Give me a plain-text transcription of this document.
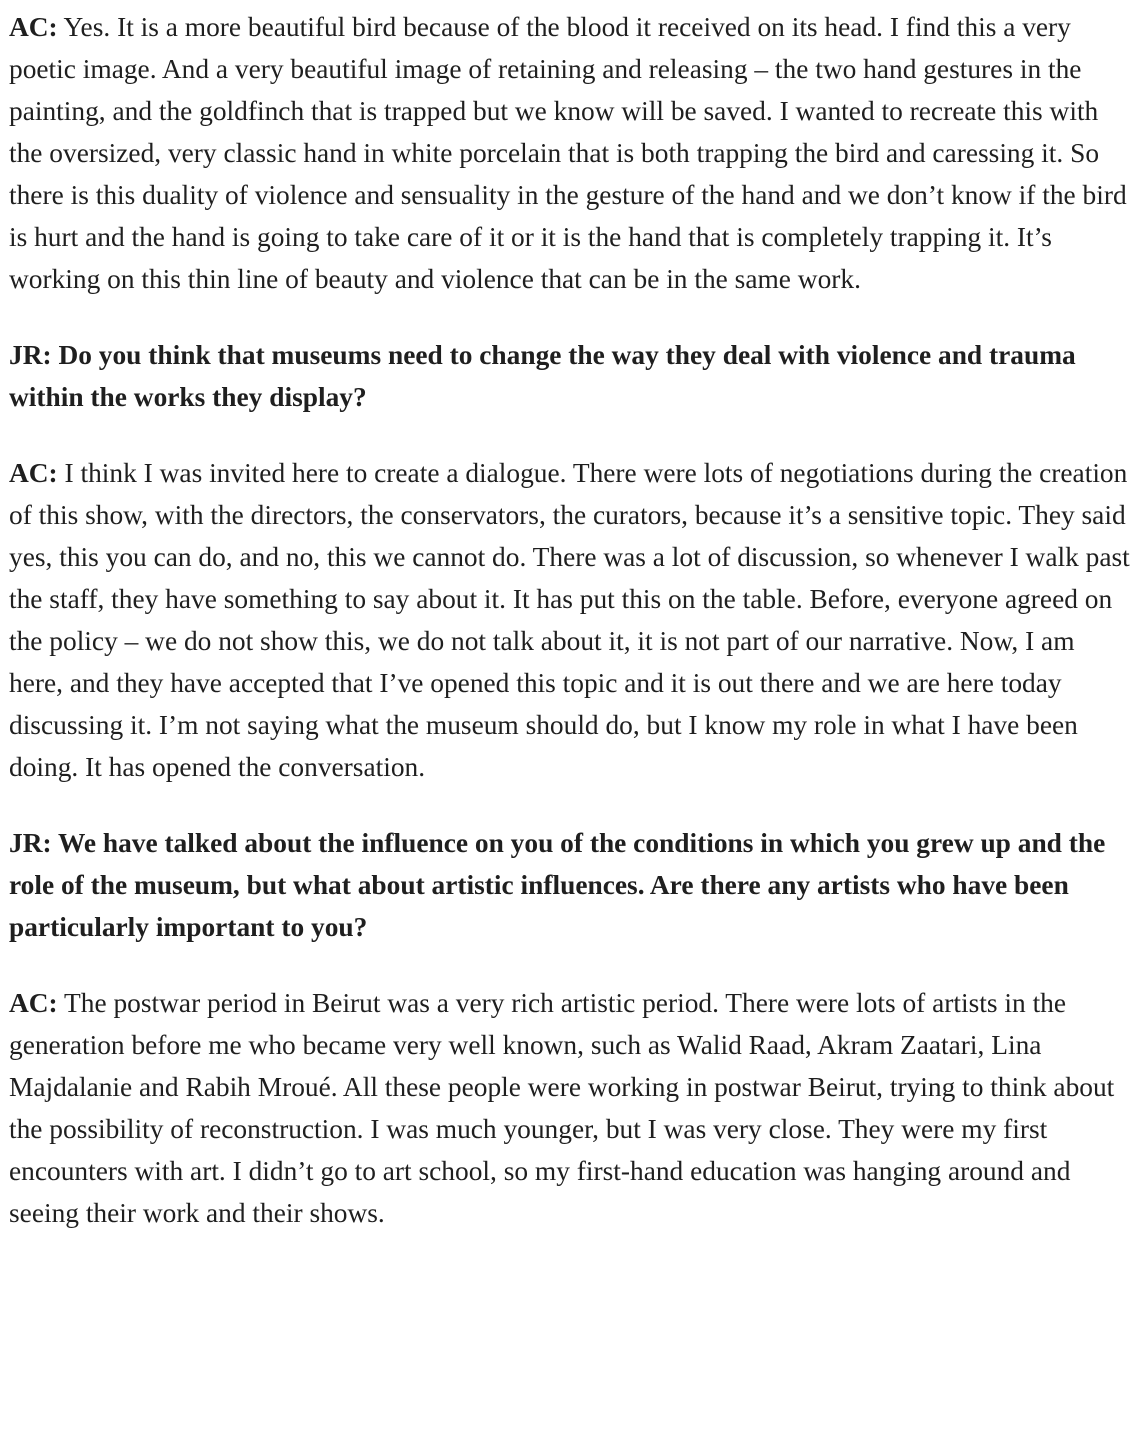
AC: Yes. It is a more beautiful bird because of the blood it received on its head. I find this a very poetic image. And a very beautiful image of retaining and releasing – the two hand gestures in the painting, and the goldfinch that is trapped but we know will be saved. I wanted to recreate this with the oversized, very classic hand in white porcelain that is both trapping the bird and caressing it. So there is this duality of violence and sensuality in the gesture of the hand and we don’t know if the bird is hurt and the hand is going to take care of it or it is the hand that is completely trapping it. It’s working on this thin line of beauty and violence that can be in the same work.

JR: Do you think that museums need to change the way they deal with violence and trauma within the works they display?

AC: I think I was invited here to create a dialogue. There were lots of negotiations during the creation of this show, with the directors, the conservators, the curators, because it’s a sensitive topic. They said yes, this you can do, and no, this we cannot do. There was a lot of discussion, so whenever I walk past the staff, they have something to say about it. It has put this on the table. Before, everyone agreed on the policy – we do not show this, we do not talk about it, it is not part of our narrative. Now, I am here, and they have accepted that I’ve opened this topic and it is out there and we are here today discussing it. I’m not saying what the museum should do, but I know my role in what I have been doing. It has opened the conversation.

JR: We have talked about the influence on you of the conditions in which you grew up and the role of the museum, but what about artistic influences. Are there any artists who have been particularly important to you?

AC: The postwar period in Beirut was a very rich artistic period. There were lots of artists in the generation before me who became very well known, such as Walid Raad, Akram Zaatari, Lina Majdalanie and Rabih Mroué. All these people were working in postwar Beirut, trying to think about the possibility of reconstruction. I was much younger, but I was very close. They were my first encounters with art. I didn’t go to art school, so my first-hand education was hanging around and seeing their work and their shows.
